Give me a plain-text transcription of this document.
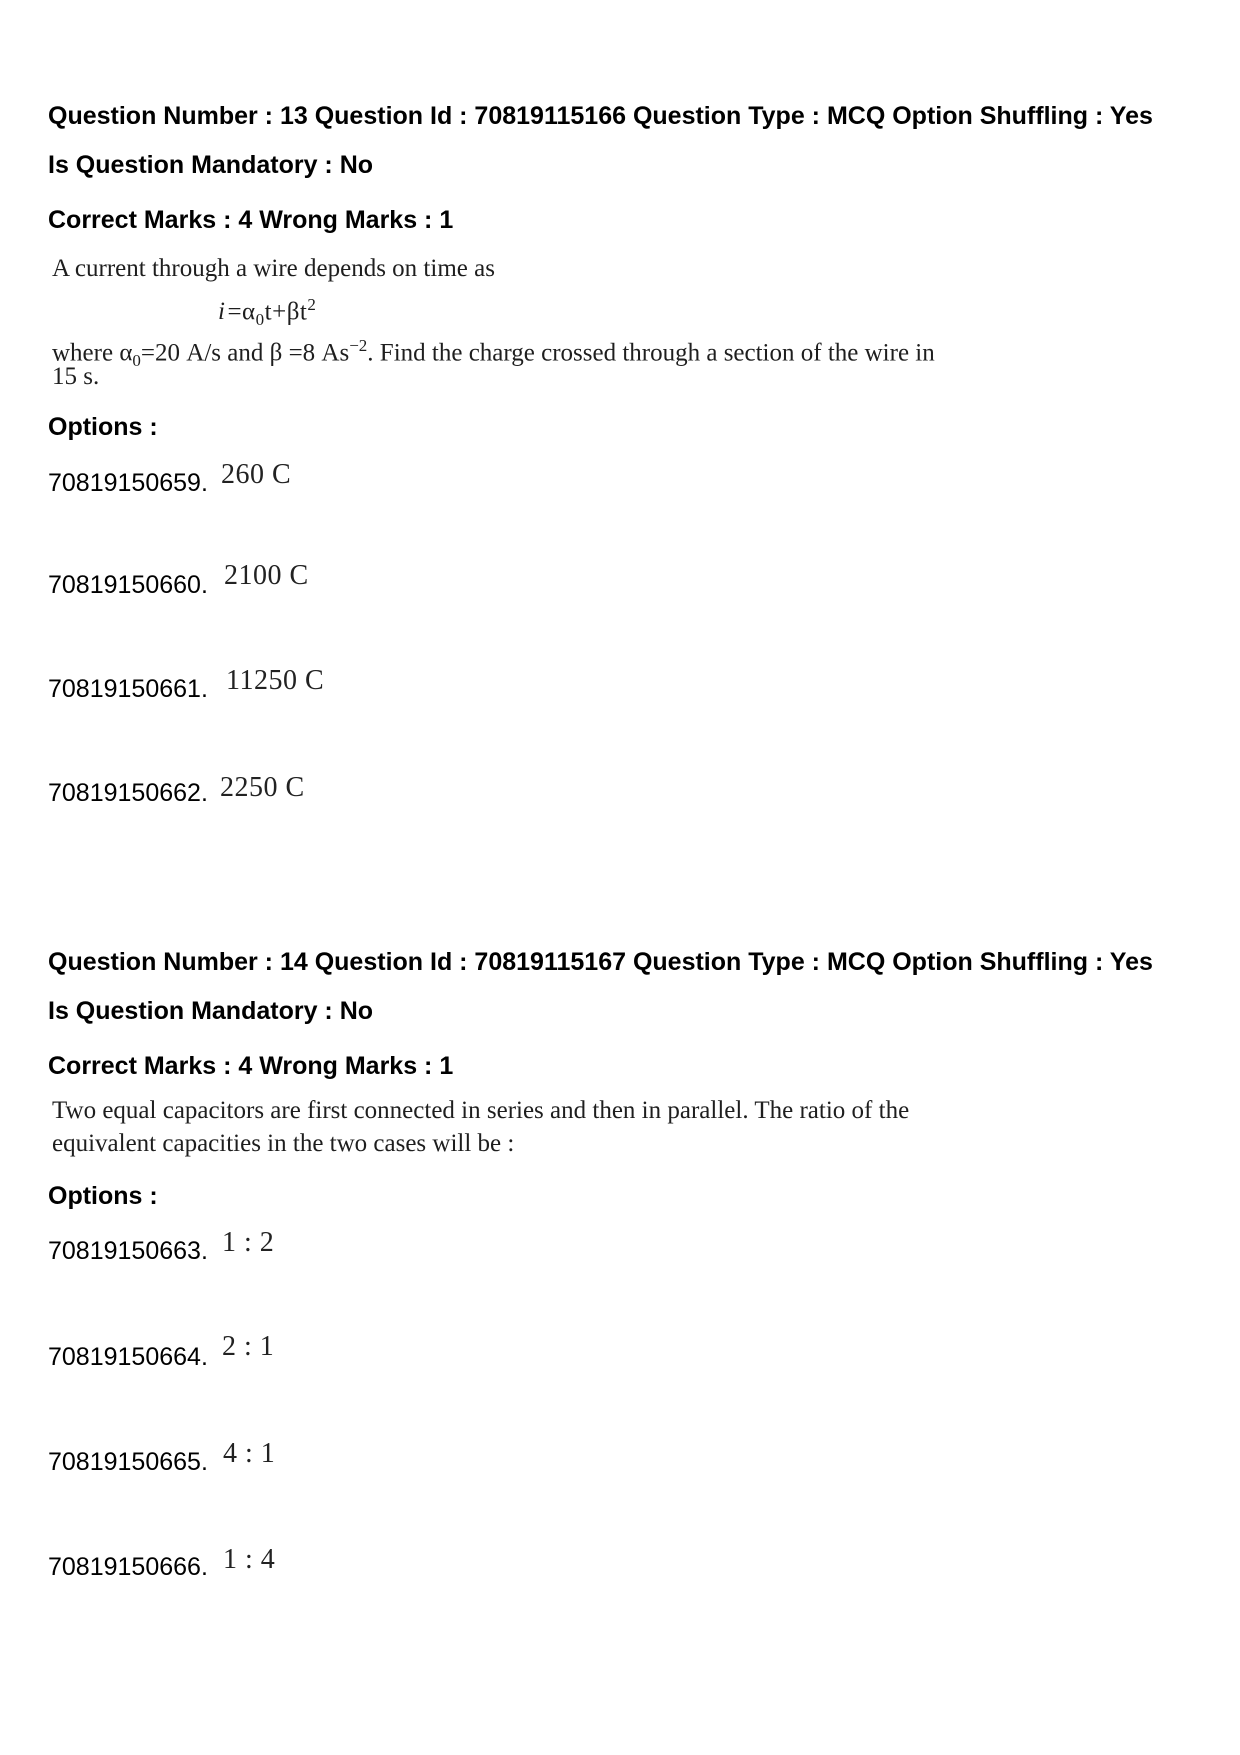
Question Number : 13 Question Id : 70819115166 Question Type : MCQ Option Shuffling : Yes
Is Question Mandatory : No
Correct Marks : 4 Wrong Marks : 1
A current through a wire depends on time as
$i=\alpha_0t+\beta t^2$
where $\alpha_0=20$ A/s and β =8 $As^{-2}$. Find the charge crossed through a section of the wire in
15 s.
Options :
70819150659. 260 C
70819150660. 2100 C
70819150661. 11250 C
70819150662. 2250 C
Question Number : 14 Question Id : 70819115167 Question Type : MCQ Option Shuffling : Yes
Is Question Mandatory : No
Correct Marks : 4 Wrong Marks : 1
Two equal capacitors are first connected in series and then in parallel. The ratio of the
equivalent capacities in the two cases will be :
Options :
70819150663. 1 : 2
70819150664. 2 : 1
70819150665. 4 : 1
70819150666. 1 : 4
